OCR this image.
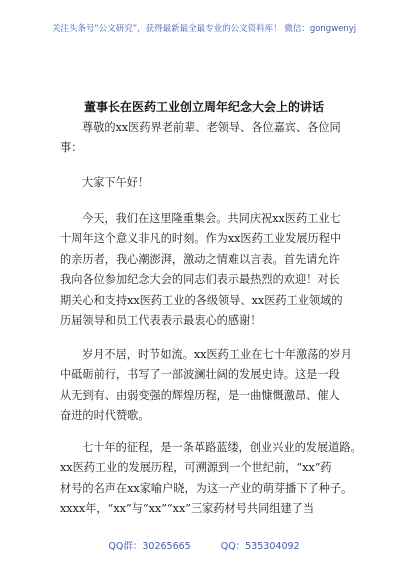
关注头条号“公文研究”，获得最新最全最专业的公文资料库！ 微信：gongwenyj
董事长在医药工业创立周年纪念大会上的讲话
尊敬的xx医药界老前辈、老领导、各位嘉宾、各位同
事：
大家下午好！
今天，我们在这里隆重集会。共同庆祝xx医药工业七
十周年这个意义非凡的时刻。作为xx医药工业发展历程中
的亲历者，我心潮澎湃，激动之情难以言表。首先请允许
我向各位参加纪念大会的同志们表示最热烈的欢迎！对长
期关心和支持xx医药工业的各级领导、xx医药工业领域的
历届领导和员工代表表示最衷心的感谢！
岁月不居，时节如流。xx医药工业在七十年激荡的岁月
中砥砺前行，书写了一部波澜壮阔的发展史诗。这是一段
从无到有、由弱变强的辉煌历程，是一曲慷慨激昂、催人
奋进的时代赞歌。
七十年的征程，是一条革路蓝缕，创业兴业的发展道路。
xx医药工业的发展历程，可溯源到一个世纪前，“xx”药
材号的名声在xx家喻户晓，为这一产业的萌芽播下了种子。
xxxx年，“xx”与“xx”“xx”三家药材号共同组建了当
QQ群：30265665	QQ：535304092
